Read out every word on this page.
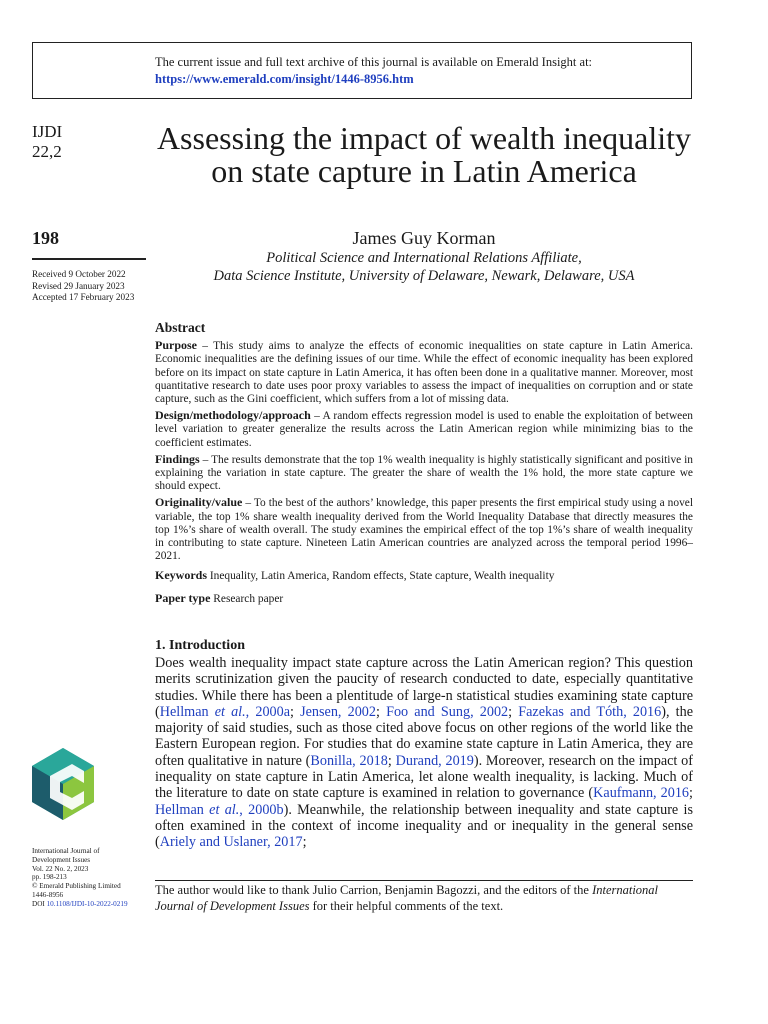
The current issue and full text archive of this journal is available on Emerald Insight at:
https://www.emerald.com/insight/1446-8956.htm
IJDI
22,2
198
Received 9 October 2022
Revised 29 January 2023
Accepted 17 February 2023
Assessing the impact of wealth inequality on state capture in Latin America
James Guy Korman
Political Science and International Relations Affiliate,
Data Science Institute, University of Delaware, Newark, Delaware, USA
Abstract

Purpose – This study aims to analyze the effects of economic inequalities on state capture in Latin America. Economic inequalities are the defining issues of our time. While the effect of economic inequality has been explored before on its impact on state capture in Latin America, it has often been done in a qualitative manner. Moreover, most quantitative research to date uses poor proxy variables to assess the impact of inequalities on corruption and or state capture, such as the Gini coefficient, which suffers from a lot of missing data.

Design/methodology/approach – A random effects regression model is used to enable the exploitation of between level variation to greater generalize the results across the Latin American region while minimizing bias to the coefficient estimates.

Findings – The results demonstrate that the top 1% wealth inequality is highly statistically significant and positive in explaining the variation in state capture. The greater the share of wealth the 1% hold, the more state capture we should expect.

Originality/value – To the best of the authors’ knowledge, this paper presents the first empirical study using a novel variable, the top 1% share wealth inequality derived from the World Inequality Database that directly measures the top 1%’s share of wealth overall. The study examines the empirical effect of the top 1%’s share of wealth inequality in contributing to state capture. Nineteen Latin American countries are analyzed across the temporal period 1996–2021.

Keywords Inequality, Latin America, Random effects, State capture, Wealth inequality

Paper type Research paper

1. Introduction

Does wealth inequality impact state capture across the Latin American region? This question merits scrutinization given the paucity of research conducted to date, especially quantitative studies. While there has been a plentitude of large-n statistical studies examining state capture (Hellman et al., 2000a; Jensen, 2002; Foo and Sung, 2002; Fazekas and Tóth, 2016), the majority of said studies, such as those cited above focus on other regions of the world like the Eastern European region. For studies that do examine state capture in Latin America, they are often qualitative in nature (Bonilla, 2018; Durand, 2019). Moreover, research on the impact of inequality on state capture in Latin America, let alone wealth inequality, is lacking. Much of the literature to date on state capture is examined in relation to governance (Kaufmann, 2016; Hellman et al., 2000b). Meanwhile, the relationship between inequality and state capture is often examined in the context of income inequality and or inequality in the general sense (Ariely and Uslaner, 2017;

International Journal of
Development Issues
Vol. 22 No. 2, 2023
pp. 198-213
© Emerald Publishing Limited
1446-8956
DOI 10.1108/IJDI-10-2022-0219
The author would like to thank Julio Carrion, Benjamin Bagozzi, and the editors of the International Journal of Development Issues for their helpful comments of the text.
